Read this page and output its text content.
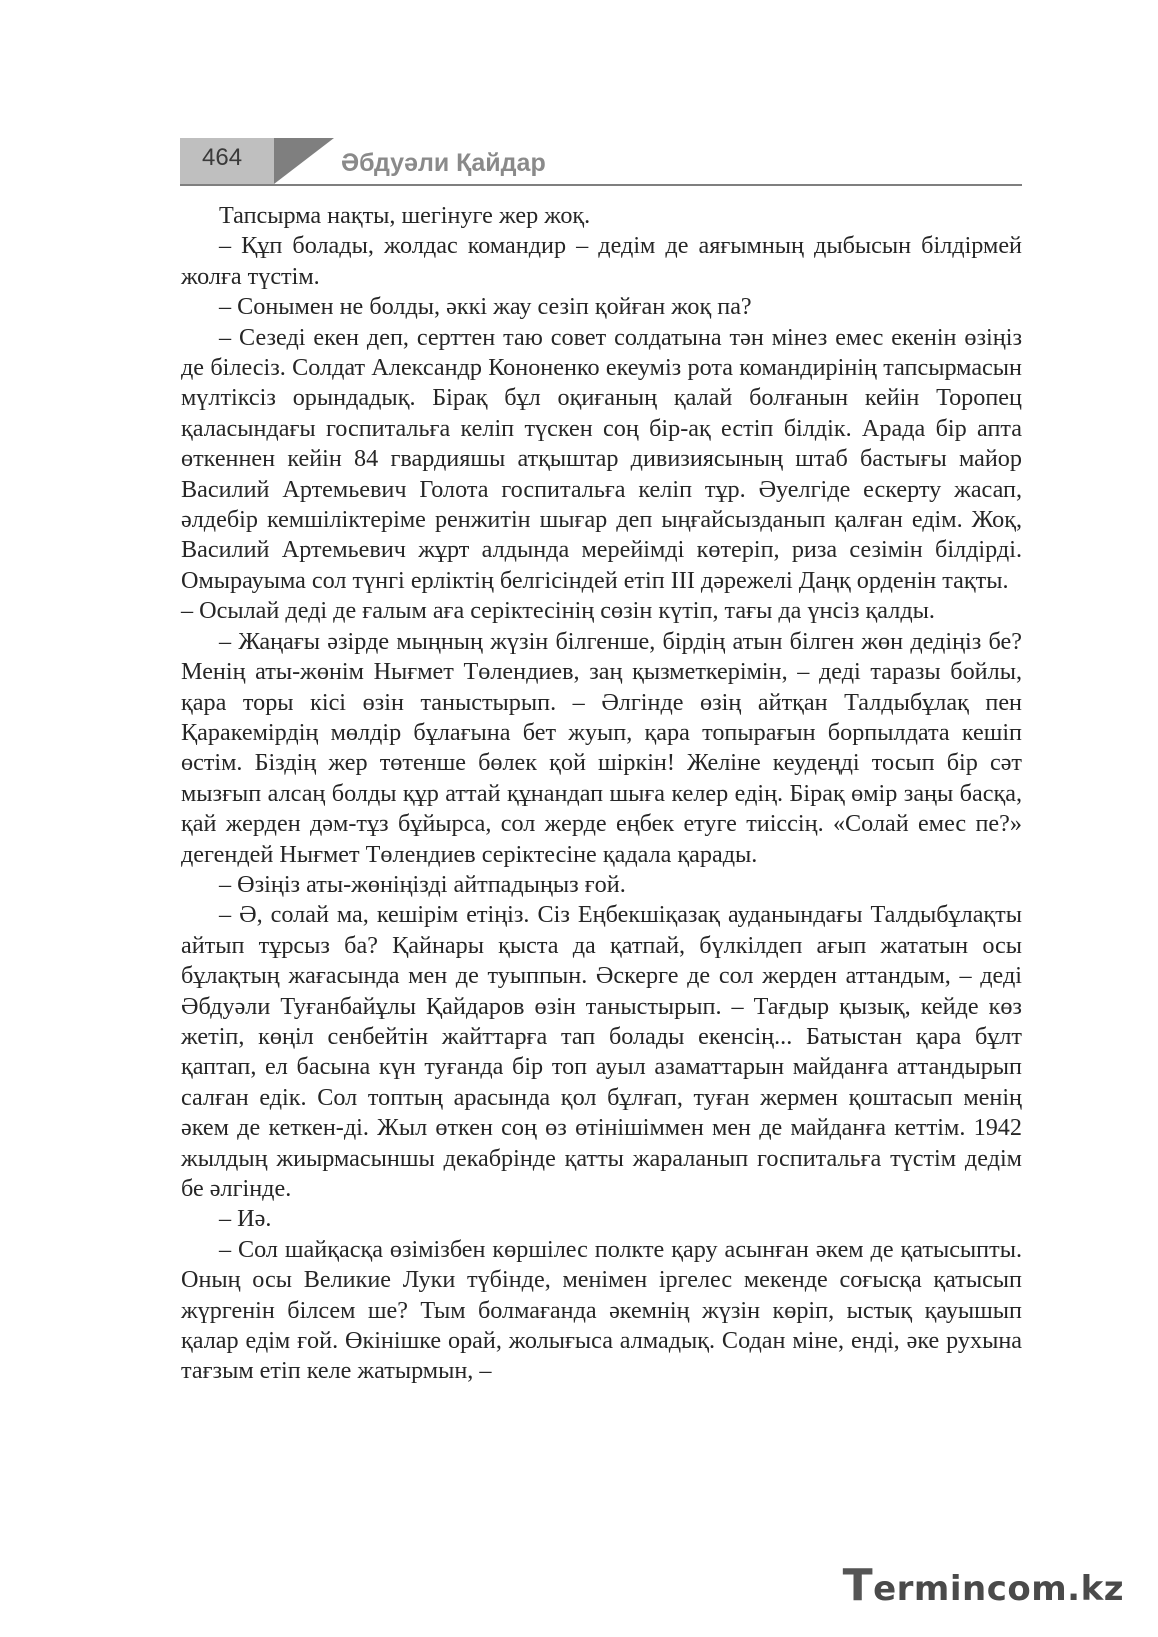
464	Әбдуәли Қайдар

Тапсырма нақты, шегінуге жер жоқ.

– Құп болады, жолдас командир – дедім де аяғымның дыбысын білдірмей жолға түстім.

– Сонымен не болды, әккі жау сезіп қойған жоқ па?

– Сезеді екен деп, серттен таю совет солдатына тән мінез емес екенін өзіңіз де білесіз. Солдат Александр Кононенко екеуміз рота командирінің тапсырмасын мүлтіксіз орындадық. Бірақ бұл оқиғаның қалай болғанын кейін Торопец қаласындағы госпитальға келіп түскен соң бір-ақ естіп білдік. Арада бір апта өткеннен кейін 84 гвардияшы атқыштар дивизиясының штаб бастығы майор Василий Артемьевич Голота госпитальға келіп тұр. Әуелгіде ескерту жасап, әлдебір кемшіліктеріме ренжитін шығар деп ыңғайсызданып қалған едім. Жоқ, Василий Артемьевич жұрт алдында мерейімді көтеріп, риза сезімін білдірді. Омырауыма сол түнгі ерліктің белгісіндей етіп III дәрежелі Даңқ орденін тақты.

– Осылай деді де ғалым аға серіктесінің сөзін күтіп, тағы да үнсіз қалды.

– Жаңағы әзірде мыңның жүзін білгенше, бірдің атын білген жөн дедіңіз бе? Менің аты-жөнім Нығмет Төлендиев, заң қызметкерімін, – деді таразы бойлы, қара торы кісі өзін таныстырып. – Әлгінде өзің айтқан Талдыбұлақ пен Қаракемірдің мөлдір бұлағына бет жуып, қара топырағын борпылдата кешіп өстім. Біздің жер төтенше бөлек қой шіркін! Желіне кеудеңді тосып бір сәт мызғып алсаң болды құр аттай құнандап шыға келер едің. Бірақ өмір заңы басқа, қай жерден дәм-тұз бұйырса, сол жерде еңбек етуге тиіссің. «Солай емес пе?» дегендей Нығмет Төлендиев серіктесіне қадала қарады.

– Өзіңіз аты-жөніңізді айтпадыңыз ғой.

– Ә, солай ма, кешірім етіңіз. Сіз Еңбекшіқазақ ауданындағы Талдыбұлақты айтып тұрсыз ба? Қайнары қыста да қатпай, бүлкілдеп ағып жататын осы бұлақтың жағасында мен де туыппын. Әскерге де сол жерден аттандым, – деді Әбдуәли Туғанбайұлы Қайдаров өзін таныстырып. – Тағдыр қызық, кейде көз жетіп, көңіл сенбейтін жайттарға тап болады екенсің... Батыстан қара бұлт қаптап, ел басына күн туғанда бір топ ауыл азаматтарын майданға аттандырып салған едік. Сол топтың арасында қол бұлғап, туған жермен қоштасып менің әкем де кеткен-ді. Жыл өткен соң өз өтінішіммен мен де майданға кеттім. 1942 жылдың жиырмасыншы декабрінде қатты жараланып госпитальға түстім дедім бе әлгінде.

– Иә.

– Сол шайқасқа өзімізбен көршілес полкте қару асынған әкем де қатысыпты. Оның осы Великие Луки түбінде, менімен іргелес мекенде соғысқа қатысып жүргенін білсем ше? Тым болмағанда әкемнің жүзін көріп, ыстық қауышып қалар едім ғой. Өкінішке орай, жолығыса алмадық. Содан міне, енді, әке рухына тағзым етіп келе жатырмын, –

T erminc o m.kz
